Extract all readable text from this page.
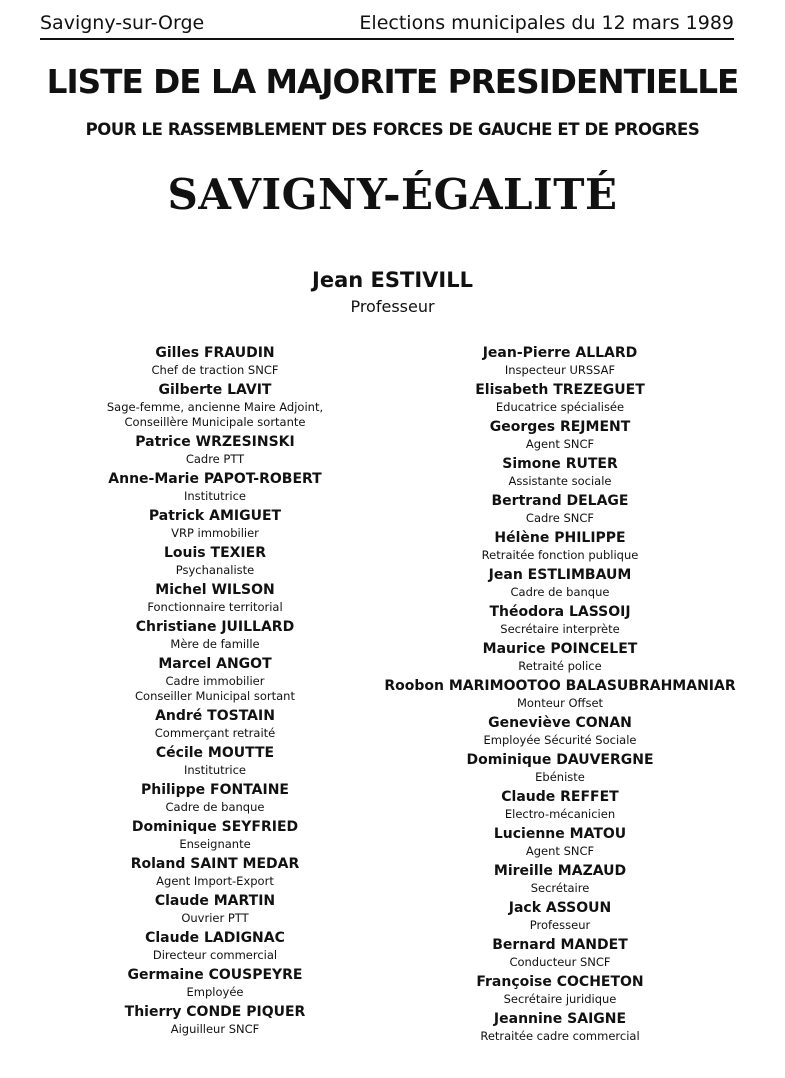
Savigny-sur-Orge	Elections municipales du 12 mars 1989
LISTE DE LA MAJORITE PRESIDENTIELLE
POUR LE RASSEMBLEMENT DES FORCES DE GAUCHE ET DE PROGRES
SAVIGNY-ÉGALITÉ
Jean ESTIVILL
Professeur
Gilles FRAUDIN
Chef de traction SNCF
Gilberte LAVIT
Sage-femme, ancienne Maire Adjoint,
Conseillère Municipale sortante
Patrice WRZESINSKI
Cadre PTT
Anne-Marie PAPOT-ROBERT
Institutrice
Patrick AMIGUET
VRP immobilier
Louis TEXIER
Psychanaliste
Michel WILSON
Fonctionnaire territorial
Christiane JUILLARD
Mère de famille
Marcel ANGOT
Cadre immobilier
Conseiller Municipal sortant
André TOSTAIN
Commerçant retraité
Cécile MOUTTE
Institutrice
Philippe FONTAINE
Cadre de banque
Dominique SEYFRIED
Enseignante
Roland SAINT MEDAR
Agent Import-Export
Claude MARTIN
Ouvrier PTT
Claude LADIGNAC
Directeur commercial
Germaine COUSPEYRE
Employée
Thierry CONDE PIQUER
Aiguilleur SNCF
Jean-Pierre ALLARD
Inspecteur URSSAF
Elisabeth TREZEGUET
Educatrice spécialisée
Georges REJMENT
Agent SNCF
Simone RUTER
Assistante sociale
Bertrand DELAGE
Cadre SNCF
Hélène PHILIPPE
Retraitée fonction publique
Jean ESTLIMBAUM
Cadre de banque
Théodora LASSOIJ
Secrétaire interprète
Maurice POINCELET
Retraité police
Roobon MARIMOOTOO BALASUBRAHMANIAR
Monteur Offset
Geneviève CONAN
Employée Sécurité Sociale
Dominique DAUVERGNE
Ebéniste
Claude REFFET
Electro-mécanicien
Lucienne MATOU
Agent SNCF
Mireille MAZAUD
Secrétaire
Jack ASSOUN
Professeur
Bernard MANDET
Conducteur SNCF
Françoise COCHETON
Secrétaire juridique
Jeannine SAIGNE
Retraitée cadre commercial
